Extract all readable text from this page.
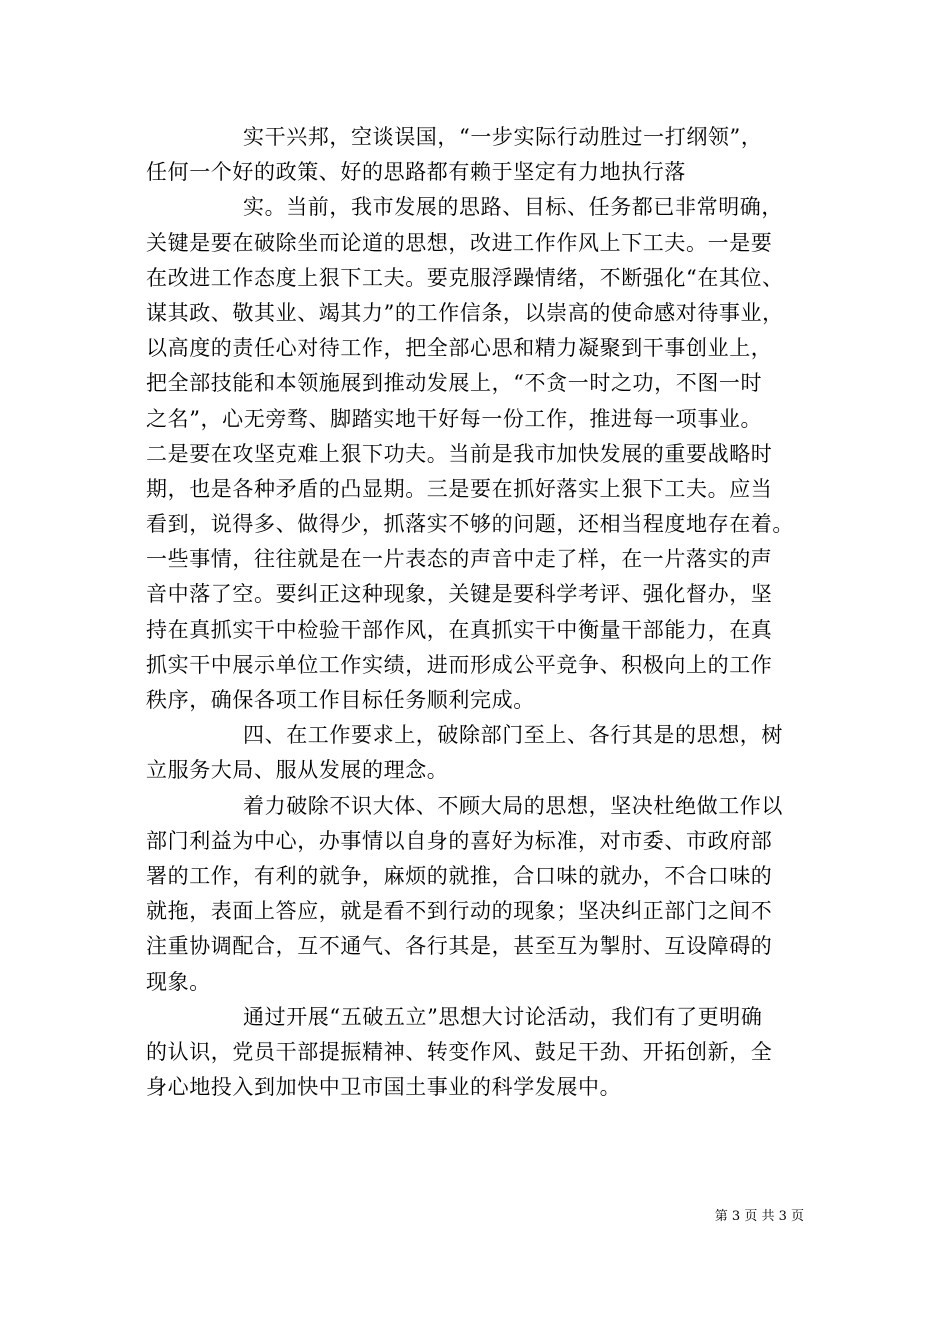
实干兴邦，空谈误国，“一步实际行动胜过一打纲领”，
任何一个好的政策、好的思路都有赖于坚定有力地执行落
实。当前，我市发展的思路、目标、任务都已非常明确，
关键是要在破除坐而论道的思想，改进工作作风上下工夫。一是要
在改进工作态度上狠下工夫。要克服浮躁情绪，不断强化“在其位、
谋其政、敬其业、竭其力”的工作信条，以崇高的使命感对待事业，
以高度的责任心对待工作，把全部心思和精力凝聚到干事创业上，
把全部技能和本领施展到推动发展上，“不贪一时之功，不图一时
之名”，心无旁骛、脚踏实地干好每一份工作，推进每一项事业。
二是要在攻坚克难上狠下功夫。当前是我市加快发展的重要战略时
期，也是各种矛盾的凸显期。三是要在抓好落实上狠下工夫。应当
看到，说得多、做得少，抓落实不够的问题，还相当程度地存在着。
一些事情，往往就是在一片表态的声音中走了样，在一片落实的声
音中落了空。要纠正这种现象，关键是要科学考评、强化督办，坚
持在真抓实干中检验干部作风，在真抓实干中衡量干部能力，在真
抓实干中展示单位工作实绩，进而形成公平竞争、积极向上的工作
秩序，确保各项工作目标任务顺利完成。
四、在工作要求上，破除部门至上、各行其是的思想，树
立服务大局、服从发展的理念。
着力破除不识大体、不顾大局的思想，坚决杜绝做工作以
部门利益为中心，办事情以自身的喜好为标准，对市委、市政府部
署的工作，有利的就争，麻烦的就推，合口味的就办，不合口味的
就拖，表面上答应，就是看不到行动的现象；坚决纠正部门之间不
注重协调配合，互不通气、各行其是，甚至互为掣肘、互设障碍的
现象。
通过开展“五破五立”思想大讨论活动，我们有了更明确
的认识，党员干部提振精神、转变作风、鼓足干劲、开拓创新，全
身心地投入到加快中卫市国土事业的科学发展中。
第 3 页 共 3 页
